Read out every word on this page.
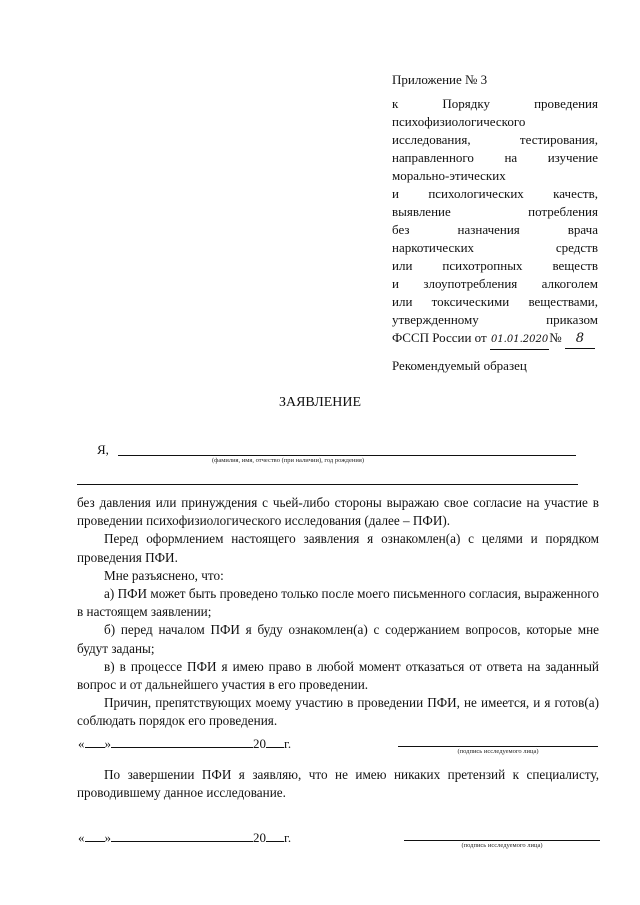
Приложение № 3
к Порядку проведения
психофизиологического
исследования, тестирования,
направленного на изучение
морально-этических
и психологических качеств,
выявление потребления
без назначения врача
наркотических средств
или психотропных веществ
и злоупотребления алкоголем
или токсическими веществами,
утвержденному приказом
ФССП России от 01.01.2020№ 8
Рекомендуемый образец
ЗАЯВЛЕНИЕ
Я,
(фамилия, имя, отчество (при наличии), год рождения)

без давления или принуждения с чьей-либо стороны выражаю свое согласие на участие в проведении психофизиологического исследования (далее – ПФИ).

Перед оформлением настоящего заявления я ознакомлен(а) с целями и порядком проведения ПФИ.

Мне разъяснено, что:

а) ПФИ может быть проведено только после моего письменного согласия, выраженного в настоящем заявлении;

б) перед началом ПФИ я буду ознакомлен(а) с содержанием вопросов, которые мне будут заданы;

в) в процессе ПФИ я имею право в любой момент отказаться от ответа на заданный вопрос и от дальнейшего участия в его проведении.

Причин, препятствующих моему участию в проведении ПФИ, не имеется, и я готов(а) соблюдать порядок его проведения.

« »	20 г.
(подпись исследуемого лица)

По завершении ПФИ я заявляю, что не имею никаких претензий к специалисту, проводившему данное исследование.

« »	20 г.
(подпись исследуемого лица)
